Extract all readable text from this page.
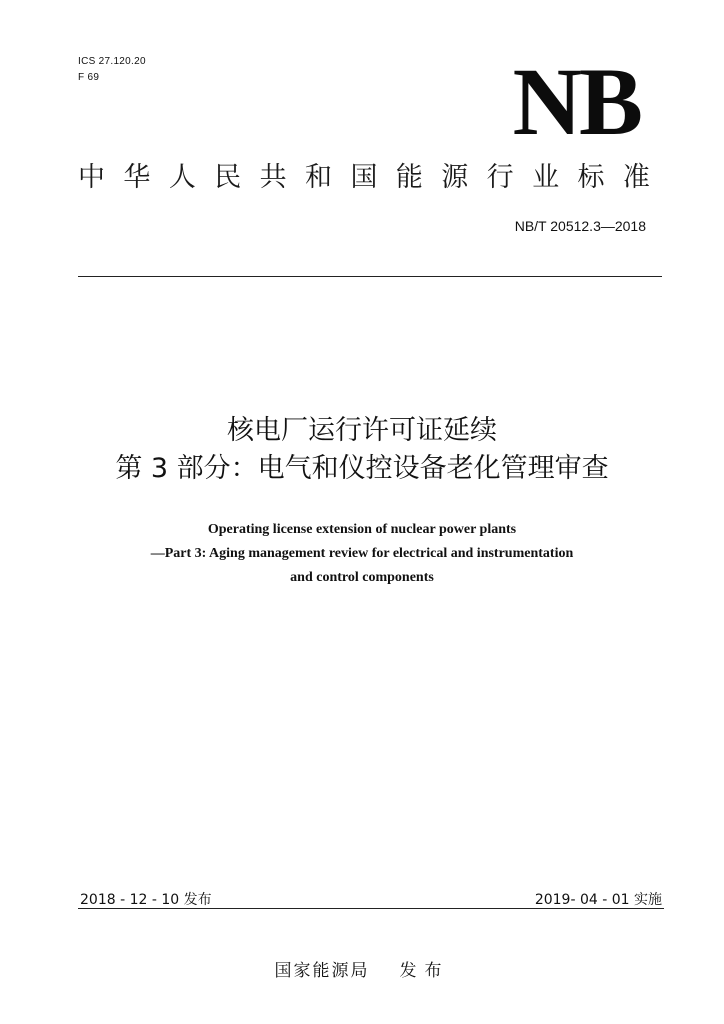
ICS 27.120.20
F 69	NB
中 华 人 民 共 和 国 能 源 行 业 标 准
NB/T 20512.3—2018
核电厂运行许可证延续
第 3 部分：电气和仪控设备老化管理审查
Operating license extension of nuclear power plants
—Part 3: Aging management review for electrical and instrumentation
and control components
2018 - 12 - 10 发布	2019- 04 - 01 实施
国家能源局 发布
